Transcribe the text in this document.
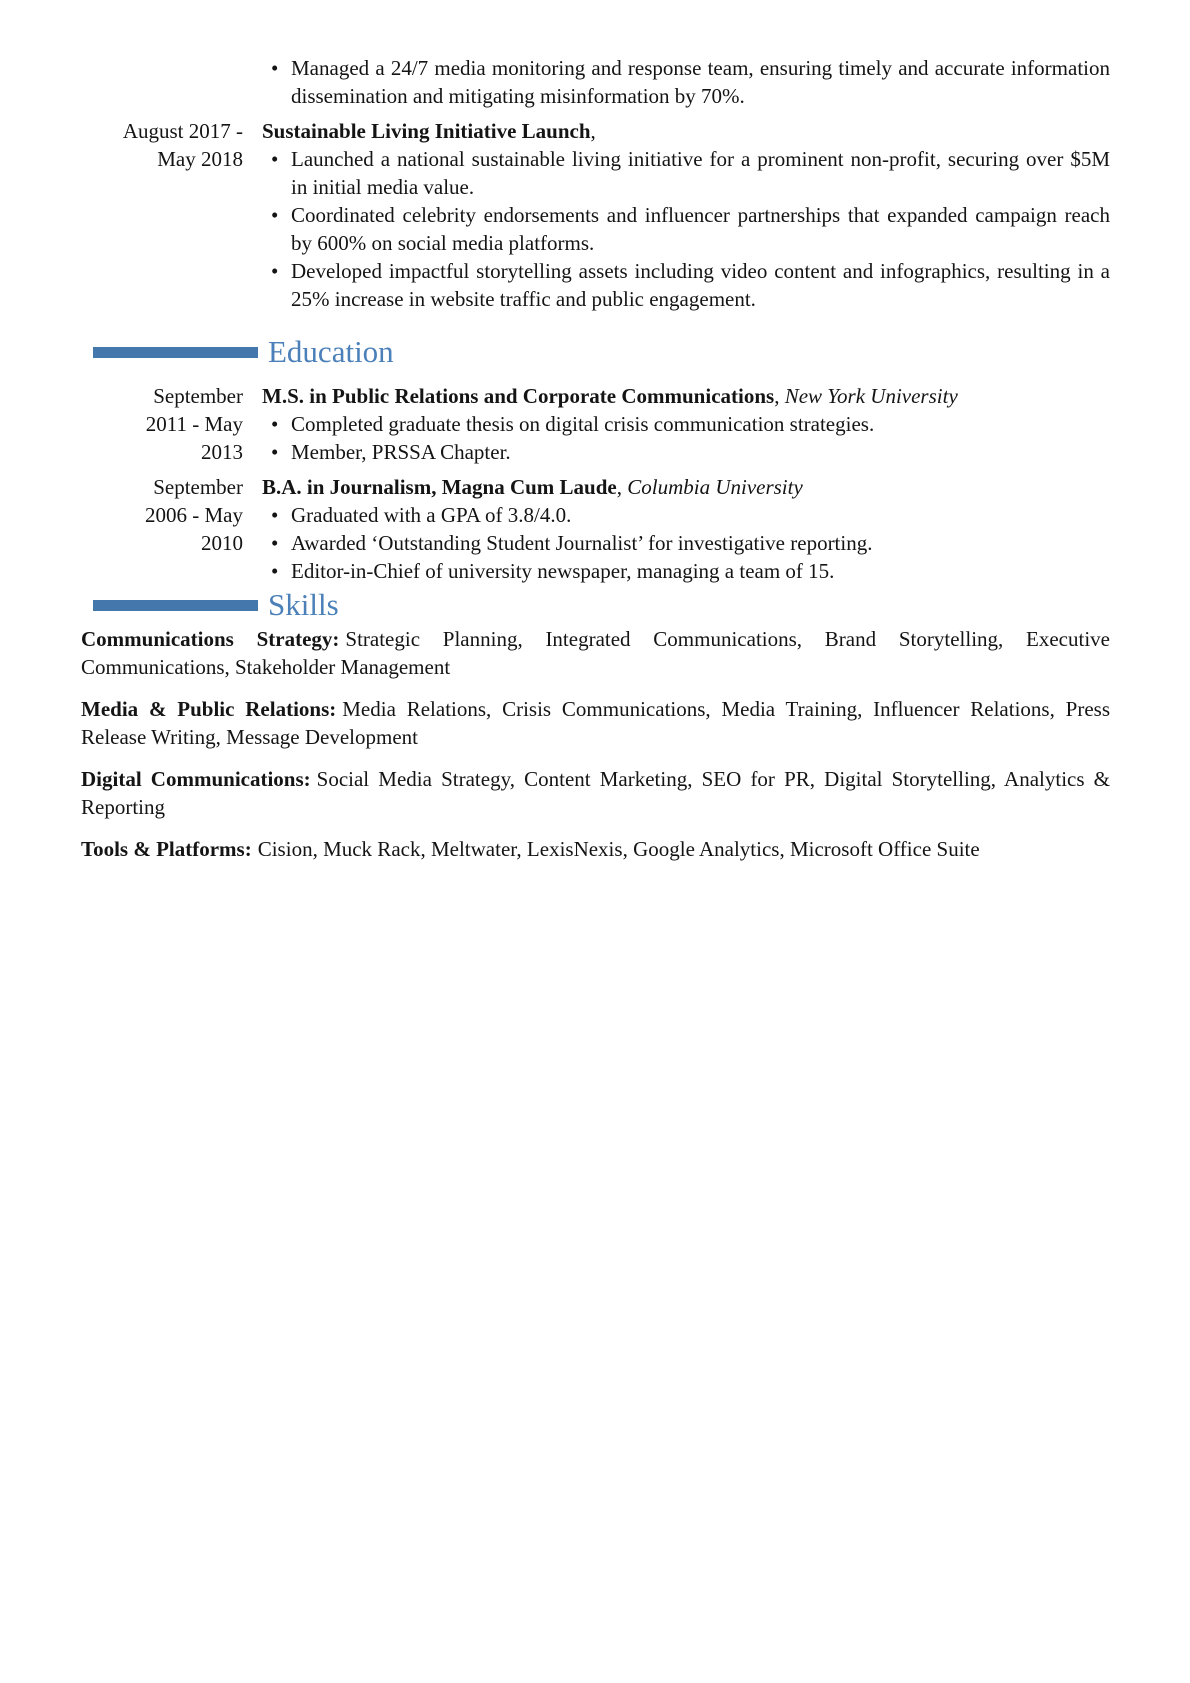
• Managed a 24/7 media monitoring and response team, ensuring timely and accurate information dissemination and mitigating misinformation by 70%.
August 2017 - May 2018
Sustainable Living Initiative Launch,
• Launched a national sustainable living initiative for a prominent non-profit, securing over $5M in initial media value.
• Coordinated celebrity endorsements and influencer partnerships that expanded campaign reach by 600% on social media platforms.
• Developed impactful storytelling assets including video content and infographics, resulting in a 25% increase in website traffic and public engagement.
Education
September 2011 - May 2013
M.S. in Public Relations and Corporate Communications, New York University
• Completed graduate thesis on digital crisis communication strategies.
• Member, PRSSA Chapter.
September 2006 - May 2010
B.A. in Journalism, Magna Cum Laude, Columbia University
• Graduated with a GPA of 3.8/4.0.
• Awarded ‘Outstanding Student Journalist’ for investigative reporting.
• Editor-in-Chief of university newspaper, managing a team of 15.
Skills

Communications Strategy: Strategic Planning, Integrated Communications, Brand Storytelling, Executive Communications, Stakeholder Management

Media & Public Relations: Media Relations, Crisis Communications, Media Training, Influencer Relations, Press Release Writing, Message Development

Digital Communications: Social Media Strategy, Content Marketing, SEO for PR, Digital Storytelling, Analytics & Reporting

Tools & Platforms: Cision, Muck Rack, Meltwater, LexisNexis, Google Analytics, Microsoft Office Suite
